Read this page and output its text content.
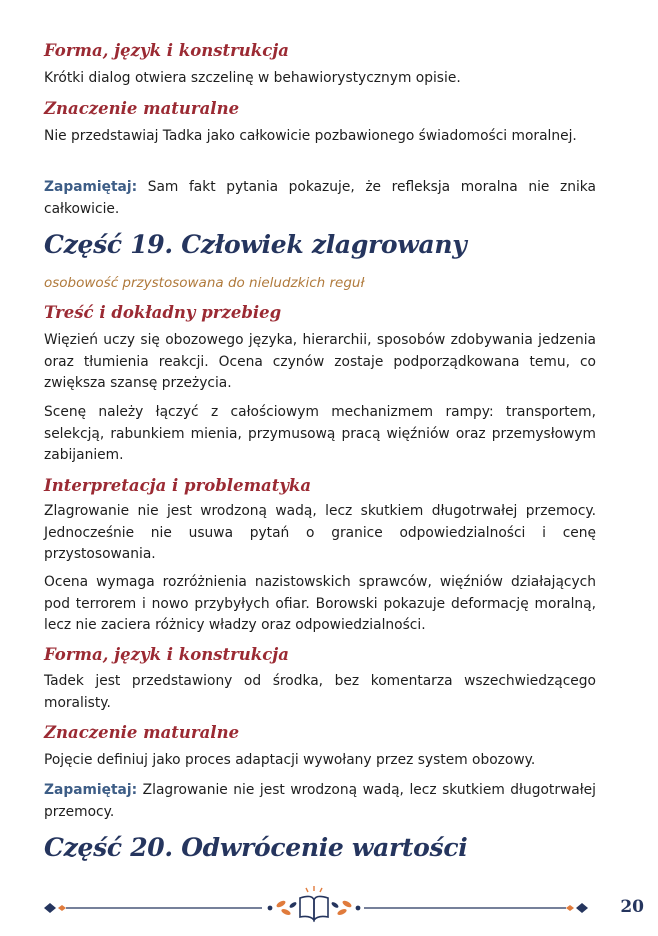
Forma, język i konstrukcja

Krótki dialog otwiera szczelinę w behawiorystycznym opisie.

Znaczenie maturalne

Nie przedstawiaj Tadka jako całkowicie pozbawionego świadomości moralnej.

Zapamiętaj: Sam fakt pytania pokazuje, że refleksja moralna nie znika całkowicie.

Część 19. Człowiek zlagrowany

osobowość przystosowana do nieludzkich reguł

Treść i dokładny przebieg

Więzień uczy się obozowego języka, hierarchii, sposobów zdobywania jedzenia oraz tłumienia reakcji. Ocena czynów zostaje podporządkowana temu, co zwiększa szansę przeżycia.

Scenę należy łączyć z całościowym mechanizmem rampy: transportem, selekcją, rabunkiem mienia, przymusową pracą więźniów oraz przemysłowym zabijaniem.

Interpretacja i problematyka

Zlagrowanie nie jest wrodzoną wadą, lecz skutkiem długotrwałej przemocy. Jednocześnie nie usuwa pytań o granice odpowiedzialności i cenę przystosowania.

Ocena wymaga rozróżnienia nazistowskich sprawców, więźniów działających pod terrorem i nowo przybyłych ofiar. Borowski pokazuje deformację moralną, lecz nie zaciera różnicy władzy oraz odpowiedzialności.

Forma, język i konstrukcja

Tadek jest przedstawiony od środka, bez komentarza wszechwiedzącego moralisty.

Znaczenie maturalne

Pojęcie definiuj jako proces adaptacji wywołany przez system obozowy.

Zapamiętaj: Zlagrowanie nie jest wrodzoną wadą, lecz skutkiem długotrwałej przemocy.

Część 20. Odwrócenie wartości
20
